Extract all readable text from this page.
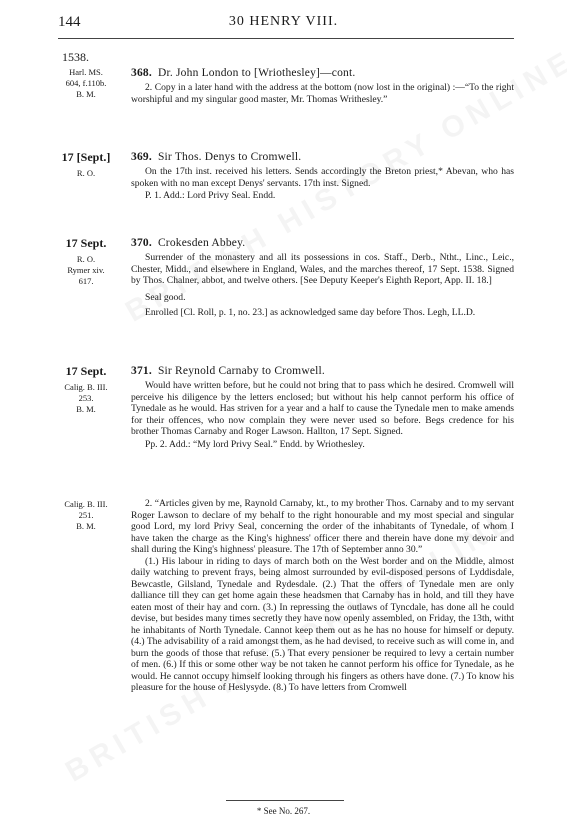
144	30 HENRY VIII.
1538.
Harl. MS.
604, f.110b.
B. M.
368. Dr. John London to [Wriothesley]—cont.

2. Copy in a later hand with the address at the bottom (now lost in the original) :—“To the right worshipful and my singular good master, Mr. Thomas Writhesley.”

17 [Sept.]
R. O.
369. Sir Thos. Denys to Cromwell.

On the 17th inst. received his letters. Sends accordingly the Breton priest,* Abevan, who has spoken with no man except Denys' servants. 17th inst. Signed.

P. 1. Add.: Lord Privy Seal. Endd.
17 Sept.
R. O.
Rymer xiv.
617.
370. Crokesden Abbey.

Surrender of the monastery and all its possessions in cos. Staff., Derb., Ntht., Linc., Leic., Chester, Midd., and elsewhere in England, Wales, and the marches thereof, 17 Sept. 1538. Signed by Thos. Chalner, abbot, and twelve others. [See Deputy Keeper's Eighth Report, App. II. 18.]

Seal good.

Enrolled [Cl. Roll, p. 1, no. 23.] as acknowledged same day before Thos. Legh, LL.D.

17 Sept.
Calig. B. III.
253.
B. M.
371. Sir Reynold Carnaby to Cromwell.

Would have written before, but he could not bring that to pass which he desired. Cromwell will perceive his diligence by the letters enclosed; but without his help cannot perform his office of Tynedale as he would. Has striven for a year and a half to cause the Tynedale men to make amends for their offences, who now complain they were never used so before. Begs credence for his brother Thomas Carnaby and Roger Lawson. Hallton, 17 Sept. Signed.

Pp. 2. Add.: “My lord Privy Seal.” Endd. by Wriothesley.
Calig. B. III.
251.
B. M.

2. “Articles given by me, Raynold Carnaby, kt., to my brother Thos. Carnaby and to my servant Roger Lawson to declare of my behalf to the right honourable and my most special and singular good Lord, my lord Privy Seal, concerning the order of the inhabitants of Tynedale, of whom I have taken the charge as the King's highness' officer there and therein have done my devoir and shall during the King's highness' pleasure. The 17th of September anno 30.”

(1.) His labour in riding to days of march both on the West border and on the Middle, almost daily watching to prevent frays, being almost surrounded by evil-disposed persons of Lyddisdale, Bewcastle, Gilsland, Tynedale and Rydesdale. (2.) That the offers of Tynedale men are only dalliance till they can get home again these headsmen that Carnaby has in hold, and till they have eaten most of their hay and corn. (3.) In repressing the outlaws of Tyncdale, has done all he could devise, but besides many times secretly they have now openly assembled, on Friday, the 13th, witht he inhabitants of North Tynedale. Cannot keep them out as he has no house for himself or deputy. (4.) The advisability of a raid amongst them, as he had devised, to receive such as will come in, and burn the goods of those that refuse. (5.) That every pensioner be required to levy a certain number of men. (6.) If this or some other way be not taken he cannot perform his office for Tynedale, as he would. He cannot occupy himself looking through his fingers as others have done. (7.) To know his pleasure for the house of Heslysyde. (8.) To have letters from Cromwell

* See No. 267.
